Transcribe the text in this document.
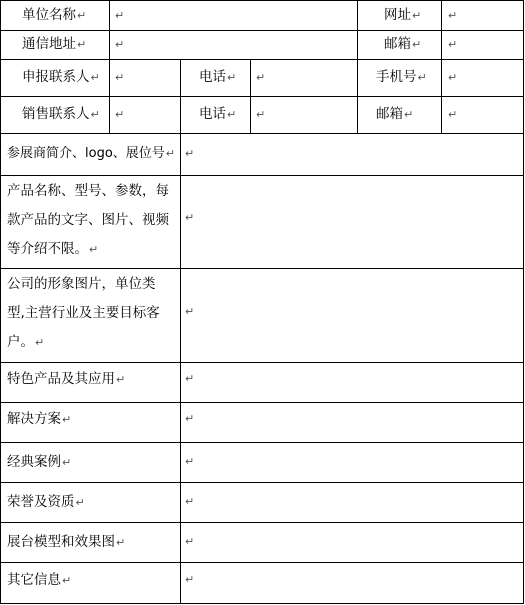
单位名称↵	↵	网址↵ ↵
通信地址↵	↵	邮箱↵ ↵
申报联系人↵ ↵	电话↵ ↵	手机号↵ ↵
销售联系人↵ ↵	电话↵ ↵	邮箱↵	↵
参展商简介、logo、展位号↵ ↵
产品名称、型号、参数，每
款产品的文字、图片、视频
等介绍不限。↵
↵
公司的形象图片，单位类
型,主营行业及主要目标客
户。↵
↵
特色产品及其应用↵	↵
解决方案↵	↵
经典案例↵	↵
荣誉及资质↵	↵
展台模型和效果图↵	↵
其它信息↵	↵
